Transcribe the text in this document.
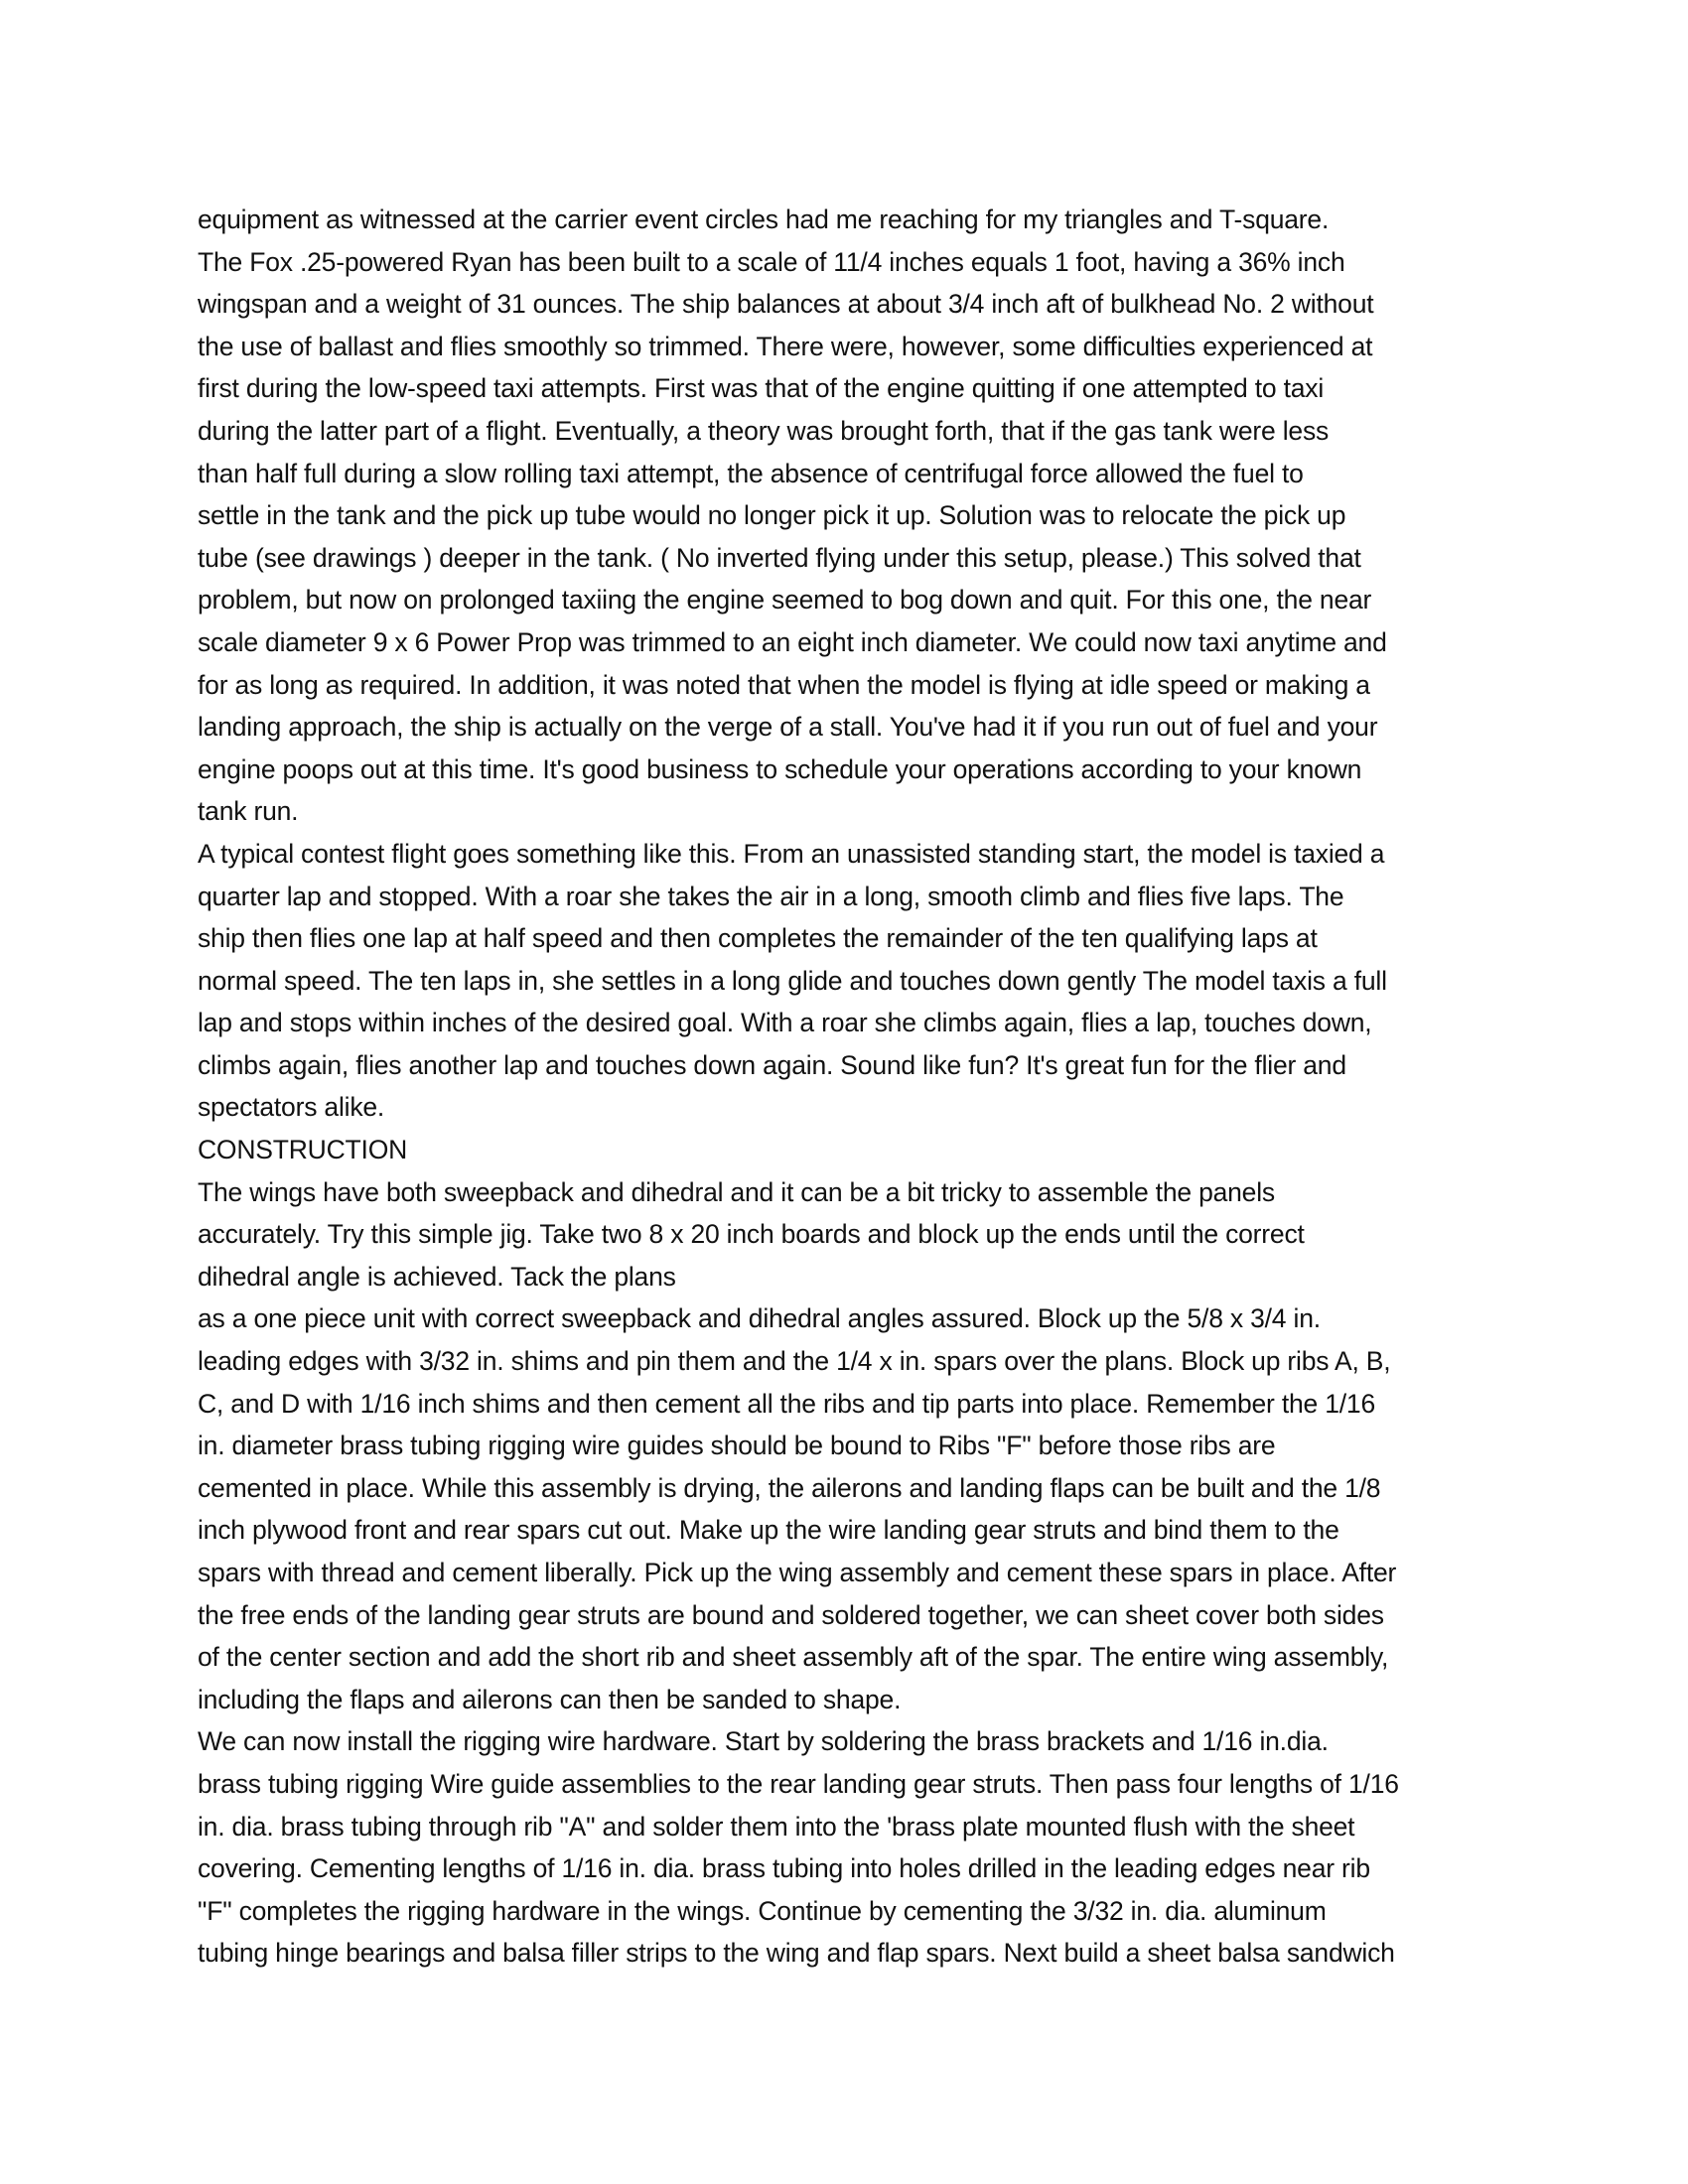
equipment as witnessed at the carrier event circles had me reaching for my triangles and T-square.
The Fox .25-powered Ryan has been built to a scale of 11/4 inches equals 1 foot, having a 36% inch
wingspan and a weight of 31 ounces. The ship balances at about 3/4 inch aft of bulkhead No. 2 without
the use of ballast and flies smoothly so trimmed. There were, however, some difficulties experienced at
first during the low-speed taxi attempts. First was that of the engine quitting if one attempted to taxi
during the latter part of a flight. Eventually, a theory was brought forth, that if the gas tank were less
than half full during a slow rolling taxi attempt, the absence of centrifugal force allowed the fuel to
settle in the tank and the pick up tube would no longer pick it up. Solution was to relocate the pick up
tube (see drawings ) deeper in the tank. ( No inverted flying under this setup, please.) This solved that
problem, but now on prolonged taxiing the engine seemed to bog down and quit. For this one, the near
scale diameter 9 x 6 Power Prop was trimmed to an eight inch diameter. We could now taxi anytime and
for as long as required. In addition, it was noted that when the model is flying at idle speed or making a
landing approach, the ship is actually on the verge of a stall. You've had it if you run out of fuel and your
engine poops out at this time. It's good business to schedule your operations according to your known
tank run.
A typical contest flight goes something like this. From an unassisted standing start, the model is taxied a
quarter lap and stopped. With a roar she takes the air in a long, smooth climb and flies five laps. The
ship then flies one lap at half speed and then completes the remainder of the ten qualifying laps at
normal speed. The ten laps in, she settles in a long glide and touches down gently The model taxis a full
lap and stops within inches of the desired goal. With a roar she climbs again, flies a lap, touches down,
climbs again, flies another lap and touches down again. Sound like fun? It's great fun for the flier and
spectators alike.
CONSTRUCTION
The wings have both sweepback and dihedral and it can be a bit tricky to assemble the panels
accurately. Try this simple jig. Take two 8 x 20 inch boards and block up the ends until the correct
dihedral angle is achieved. Tack the plans
as a one piece unit with correct sweepback and dihedral angles assured. Block up the 5/8 x 3/4 in.
leading edges with 3/32 in. shims and pin them and the 1/4 x in. spars over the plans. Block up ribs A, B,
C, and D with 1/16 inch shims and then cement all the ribs and tip parts into place. Remember the 1/16
in. diameter brass tubing rigging wire guides should be bound to Ribs "F" before those ribs are
cemented in place. While this assembly is drying, the ailerons and landing flaps can be built and the 1/8
inch plywood front and rear spars cut out. Make up the wire landing gear struts and bind them to the
spars with thread and cement liberally. Pick up the wing assembly and cement these spars in place. After
the free ends of the landing gear struts are bound and soldered together, we can sheet cover both sides
of the center section and add the short rib and sheet assembly aft of the spar. The entire wing assembly,
including the flaps and ailerons can then be sanded to shape.
We can now install the rigging wire hardware. Start by soldering the brass brackets and 1/16 in.dia.
brass tubing rigging Wire guide assemblies to the rear landing gear struts. Then pass four lengths of 1/16
in. dia. brass tubing through rib "A" and solder them into the 'brass plate mounted flush with the sheet
covering. Cementing lengths of 1/16 in. dia. brass tubing into holes drilled in the leading edges near rib
"F" completes the rigging hardware in the wings. Continue by cementing the 3/32 in. dia. aluminum
tubing hinge bearings and balsa filler strips to the wing and flap spars. Next build a sheet balsa sandwich
